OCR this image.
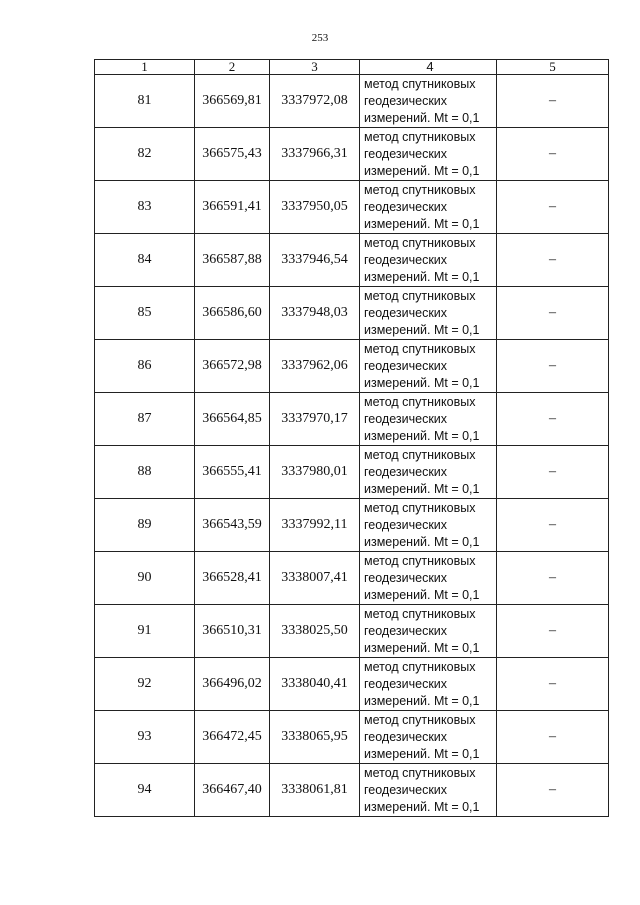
253
1	2	3	4	5
81	366569,81	3337972,08	метод спутниковых
геодезических
измерений. Mt = 0,1	–
82	366575,43	3337966,31	метод спутниковых
геодезических
измерений. Mt = 0,1	–
83	366591,41	3337950,05	метод спутниковых
геодезических
измерений. Mt = 0,1	–
84	366587,88	3337946,54	метод спутниковых
геодезических
измерений. Mt = 0,1	–
85	366586,60	3337948,03	метод спутниковых
геодезических
измерений. Mt = 0,1	–
86	366572,98	3337962,06	метод спутниковых
геодезических
измерений. Mt = 0,1	–
87	366564,85	3337970,17	метод спутниковых
геодезических
измерений. Mt = 0,1	–
88	366555,41	3337980,01	метод спутниковых
геодезических
измерений. Mt = 0,1	–
89	366543,59	3337992,11	метод спутниковых
геодезических
измерений. Mt = 0,1	–
90	366528,41	3338007,41	метод спутниковых
геодезических
измерений. Mt = 0,1	–
91	366510,31	3338025,50	метод спутниковых
геодезических
измерений. Mt = 0,1	–
92	366496,02	3338040,41	метод спутниковых
геодезических
измерений. Mt = 0,1	–
93	366472,45	3338065,95	метод спутниковых
геодезических
измерений. Mt = 0,1	–
94	366467,40	3338061,81	метод спутниковых
геодезических
измерений. Mt = 0,1	–
